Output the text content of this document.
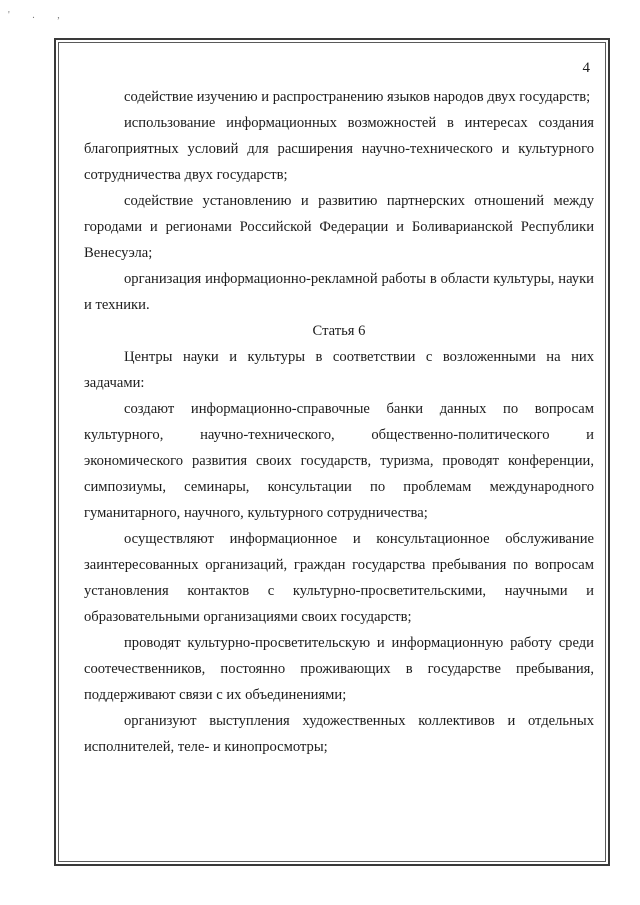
' . ,
4

содействие изучению и распространению языков народов двух государств;

использование информационных возможностей в интересах создания благоприятных условий для расширения научно-технического и культурного сотрудничества двух государств;

содействие установлению и развитию партнерских отношений между городами и регионами Российской Федерации и Боливарианской Республики Венесуэла;

организация информационно-рекламной работы в области культуры, науки и техники.

Статья 6

Центры науки и культуры в соответствии с возложенными на них задачами:

создают информационно-справочные банки данных по вопросам культурного, научно-технического, общественно-политического и экономического развития своих государств, туризма, проводят конференции, симпозиумы, семинары, консультации по проблемам международного гуманитарного, научного, культурного сотрудничества;

осуществляют информационное и консультационное обслуживание заинтересованных организаций, граждан государства пребывания по вопросам установления контактов с культурно-просветительскими, научными и образовательными организациями своих государств;

проводят культурно-просветительскую и информационную работу среди соотечественников, постоянно проживающих в государстве пребывания, поддерживают связи с их объединениями;

организуют выступления художественных коллективов и отдельных исполнителей, теле- и кинопросмотры;
